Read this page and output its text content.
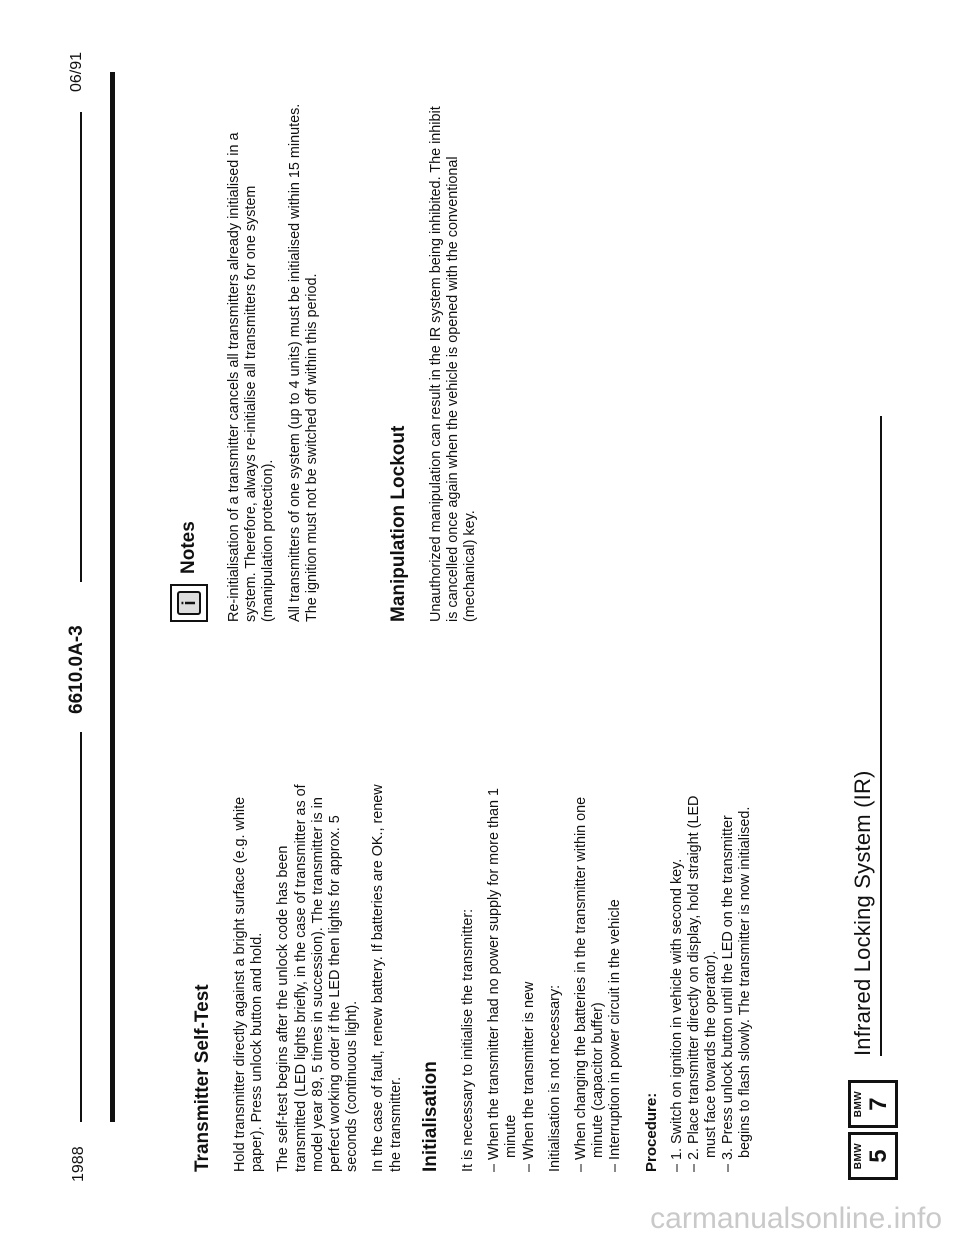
1988
6610.0A-3
06/91
BMW 5
BMW 7
Infrared Locking System (IR)
Transmitter Self-Test Hold transmitter directly against a bright surface (e.g. white paper). Press unlock button and hold. The self-test begins after the unlock code has been transmitted (LED lights briefly, in the case of transmitter as of model year 89, 5 times in succession). The transmitter is in perfect working order if the LED then lights for approx. 5 seconds (continuous light). In the case of fault, renew battery. If batteries are OK., renew the transmitter. Initialisation It is necessary to initialise the transmitter: – When the transmitter had no power supply for more than 1 minute – When the transmitter is new Initialisation is not necessary: – When changing the batteries in the transmitter within one minute (capacitor buffer) – Interruption in power circuit in the vehicle Procedure: – 1. Switch on ignition in vehicle with second key. – 2. Place transmitter directly on display, hold straight (LED must face towards the operator). – 3. Press unlock button until the LED on the transmitter begins to flash slowly. The transmitter is now initialised.
i
Notes Re-initialisation of a transmitter cancels all transmitters already initialised in a system. Therefore, always re-initialise all transmitters for one system (manipulation protection). All transmitters of one system (up to 4 units) must be initialised within 15 minutes. The ignition must not be switched off within this period.	Manipulation Lockout Unauthorized manipulation can result in the IR system being inhibited. The inhibit is cancelled once again when the vehicle is opened with the conventional (mechanical) key.

carmanualsonline.info
